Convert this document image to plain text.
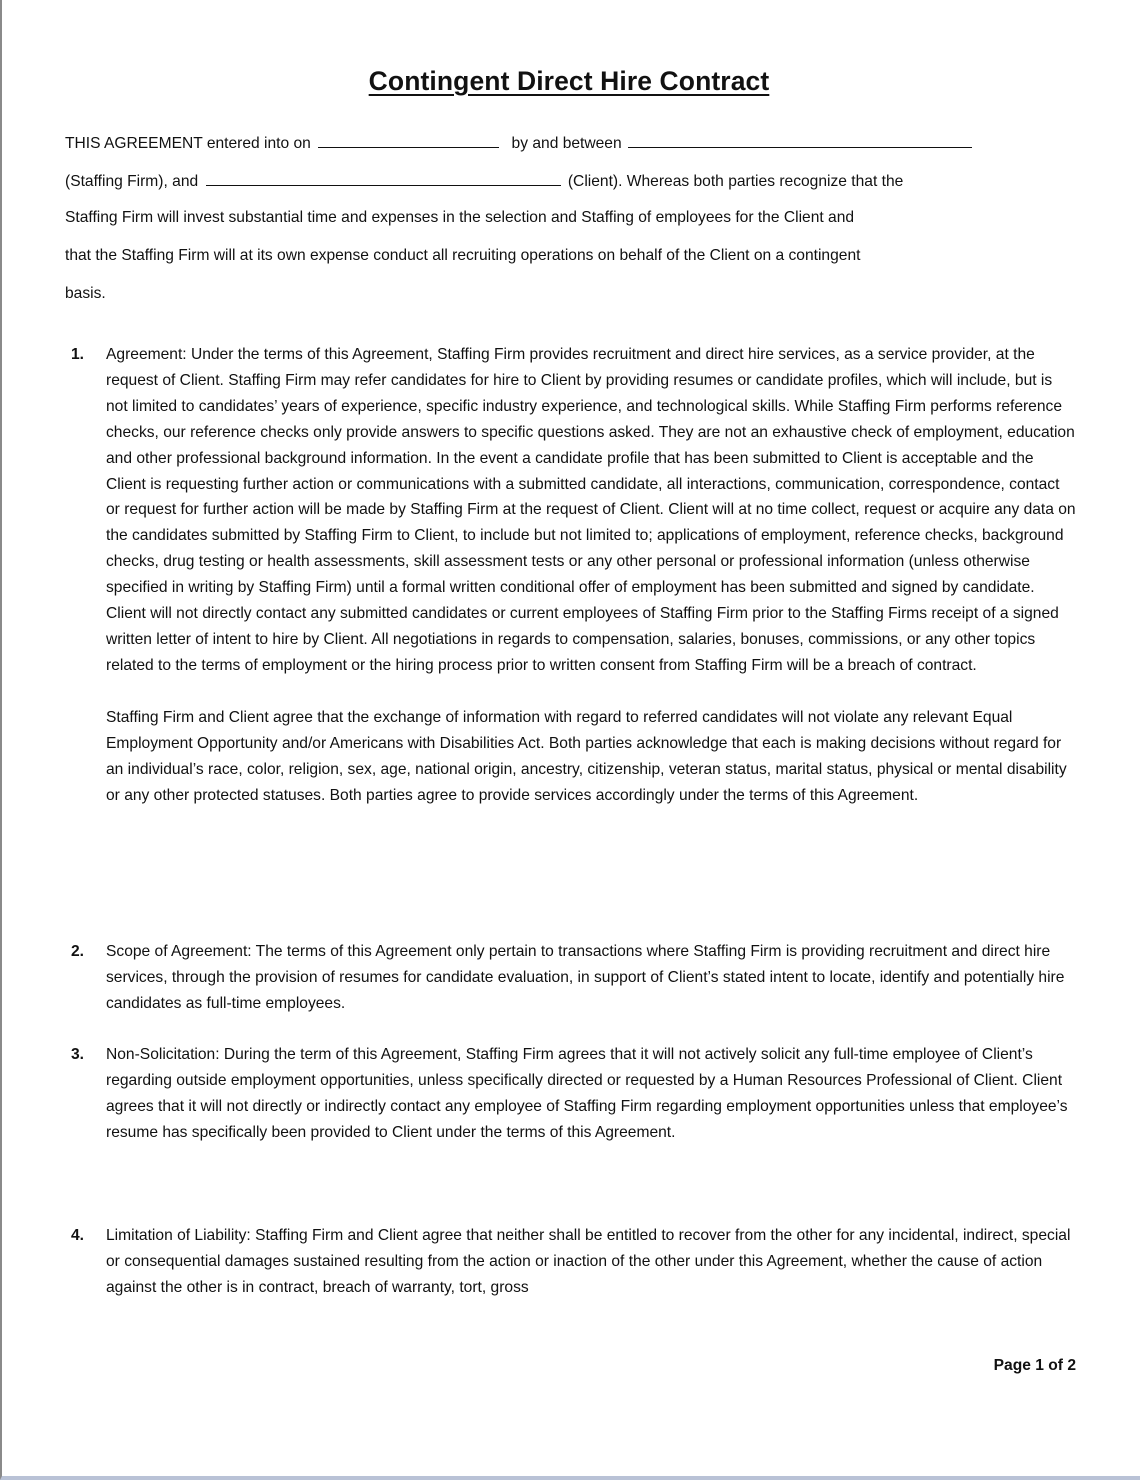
Contingent Direct Hire Contract
THIS AGREEMENT entered into on	by and between
(Staffing Firm), and	(Client). Whereas both parties recognize that the
Staffing Firm will invest substantial time and expenses in the selection and Staffing of employees for the Client and
that the Staffing Firm will at its own expense conduct all recruiting operations on behalf of the Client on a contingent
basis.
1. Agreement: Under the terms of this Agreement, Staffing Firm provides recruitment and direct hire services, as a service provider, at the request of Client. Staffing Firm may refer candidates for hire to Client by providing resumes or candidate profiles, which will include, but is not limited to candidates’ years of experience, specific industry experience, and technological skills. While Staffing Firm performs reference checks, our reference checks only provide answers to specific questions asked. They are not an exhaustive check of employment, education and other professional background information. In the event a candidate profile that has been submitted to Client is acceptable and the Client is requesting further action or communications with a submitted candidate, all interactions, communication, correspondence, contact or request for further action will be made by Staffing Firm at the request of Client. Client will at no time collect, request or acquire any data on the candidates submitted by Staffing Firm to Client, to include but not limited to; applications of employment, reference checks, background checks, drug testing or health assessments, skill assessment tests or any other personal or professional information (unless otherwise specified in writing by Staffing Firm) until a formal written conditional offer of employment has been submitted and signed by candidate. Client will not directly contact any submitted candidates or current employees of Staffing Firm prior to the Staffing Firms receipt of a signed written letter of intent to hire by Client. All negotiations in regards to compensation, salaries, bonuses, commissions, or any other topics related to the terms of employment or the hiring process prior to written consent from Staffing Firm will be a breach of contract.

Staffing Firm and Client agree that the exchange of information with regard to referred candidates will not violate any relevant Equal Employment Opportunity and/or Americans with Disabilities Act. Both parties acknowledge that each is making decisions without regard for an individual’s race, color, religion, sex, age, national origin, ancestry, citizenship, veteran status, marital status, physical or mental disability or any other protected statuses. Both parties agree to provide services accordingly under the terms of this Agreement.

2. Scope of Agreement: The terms of this Agreement only pertain to transactions where Staffing Firm is providing recruitment and direct hire services, through the provision of resumes for candidate evaluation, in support of Client’s stated intent to locate, identify and potentially hire candidates as full-time employees.

3. Non-Solicitation: During the term of this Agreement, Staffing Firm agrees that it will not actively solicit any full-time employee of Client’s regarding outside employment opportunities, unless specifically directed or requested by a Human Resources Professional of Client. Client agrees that it will not directly or indirectly contact any employee of Staffing Firm regarding employment opportunities unless that employee’s resume has specifically been provided to Client under the terms of this Agreement.

4. Limitation of Liability: Staffing Firm and Client agree that neither shall be entitled to recover from the other for any incidental, indirect, special or consequential damages sustained resulting from the action or inaction of the other under this Agreement, whether the cause of action against the other is in contract, breach of warranty, tort, gross

Page 1 of 2
